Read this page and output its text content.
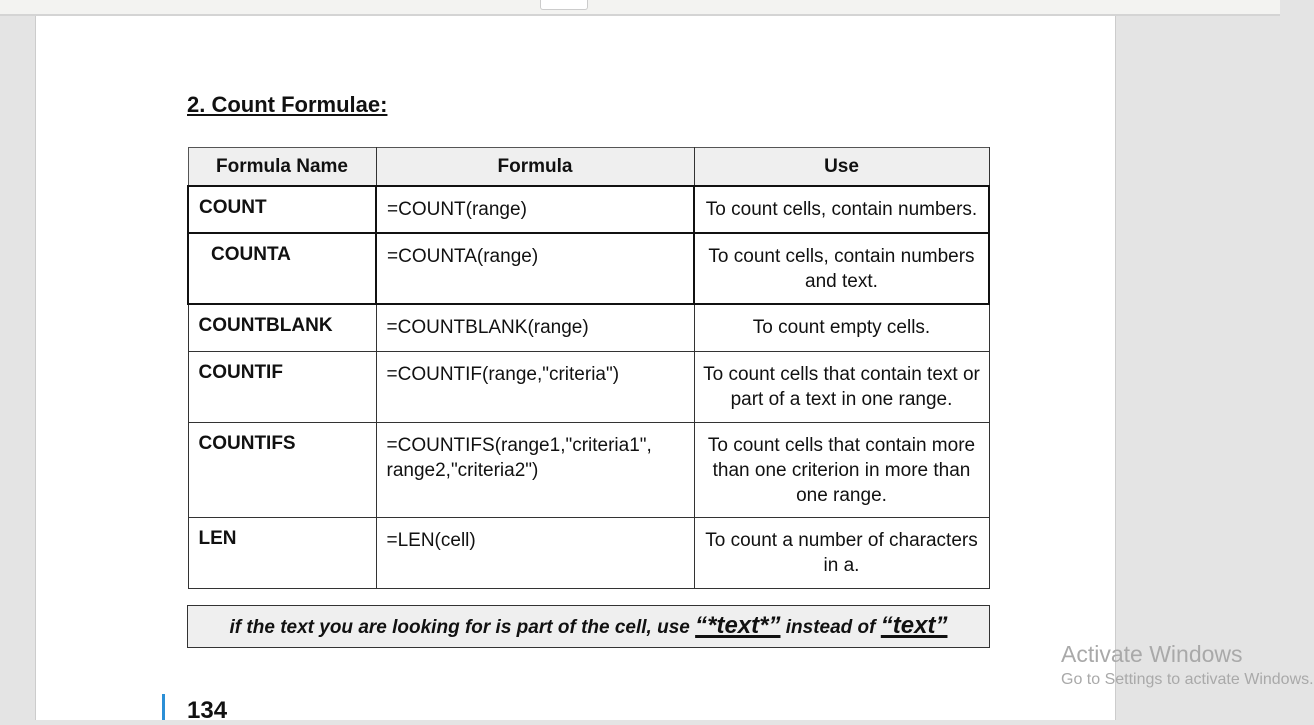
2. Count Formulae:
Formula Name	Formula	Use
COUNT	=COUNT(range)	To count cells, contain numbers.
COUNTA	=COUNTA(range)	To count cells, contain numbers and text.
COUNTBLANK	=COUNTBLANK(range)	To count empty cells.
COUNTIF	=COUNTIF(range,"criteria")	To count cells that contain text or part of a text in one range.
COUNTIFS	=COUNTIFS(range1,"criteria1", range2,"criteria2")	To count cells that contain more than one criterion in more than one range.
LEN	=LEN(cell)	To count a number of characters in a.
if the text you are looking for is part of the cell, use “*text*” instead of “text”
134
Activate Windows
Go to Settings to activate Windows.
